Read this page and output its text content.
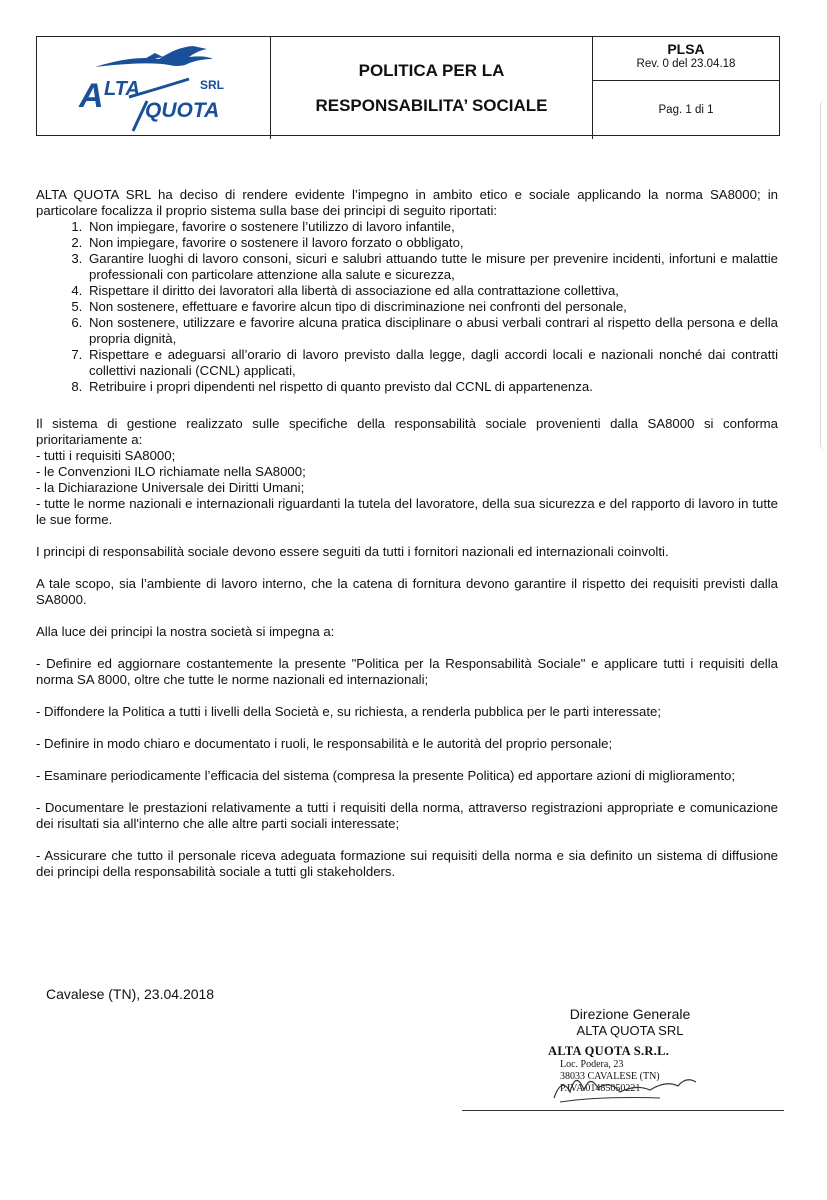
A LTA	SRL
QUOTA
POLITICA PER LA
RESPONSABILITA’ SOCIALE
PLSA
Rev. 0 del 23.04.18
Pag. 1 di 1

ALTA QUOTA SRL ha deciso di rendere evidente l’impegno in ambito etico e sociale applicando la norma SA8000; in particolare focalizza il proprio sistema sulla base dei principi di seguito riportati:

1. Non impiegare, favorire o sostenere l’utilizzo di lavoro infantile,
2. Non impiegare, favorire o sostenere il lavoro forzato o obbligato,
3. Garantire luoghi di lavoro consoni, sicuri e salubri attuando tutte le misure per prevenire incidenti, infortuni e malattie professionali con particolare attenzione alla salute e sicurezza,
4. Rispettare il diritto dei lavoratori alla libertà di associazione ed alla contrattazione collettiva,
5. Non sostenere, effettuare e favorire alcun tipo di discriminazione nei confronti del personale,
6. Non sostenere, utilizzare e favorire alcuna pratica disciplinare o abusi verbali contrari al rispetto della persona e della propria dignità,
7. Rispettare e adeguarsi all’orario di lavoro previsto dalla legge, dagli accordi locali e nazionali nonché dai contratti collettivi nazionali (CCNL) applicati,
8. Retribuire i propri dipendenti nel rispetto di quanto previsto dal CCNL di appartenenza.

Il sistema di gestione realizzato sulle specifiche della responsabilità sociale provenienti dalla SA8000 si conforma prioritariamente a:

- tutti i requisiti SA8000;

- le Convenzioni ILO richiamate nella SA8000;

- la Dichiarazione Universale dei Diritti Umani;

- tutte le norme nazionali e internazionali riguardanti la tutela del lavoratore, della sua sicurezza e del rapporto di lavoro in tutte le sue forme.

I principi di responsabilità sociale devono essere seguiti da tutti i fornitori nazionali ed internazionali coinvolti.

A tale scopo, sia l’ambiente di lavoro interno, che la catena di fornitura devono garantire il rispetto dei requisiti previsti dalla SA8000.

Alla luce dei principi la nostra società si impegna a:

- Definire ed aggiornare costantemente la presente "Politica per la Responsabilità Sociale" e applicare tutti i requisiti della norma SA 8000, oltre che tutte le norme nazionali ed internazionali;

- Diffondere la Politica a tutti i livelli della Società e, su richiesta, a renderla pubblica per le parti interessate;

- Definire in modo chiaro e documentato i ruoli, le responsabilità e le autorità del proprio personale;

- Esaminare periodicamente l’efficacia del sistema (compresa la presente Politica) ed apportare azioni di miglioramento;

- Documentare le prestazioni relativamente a tutti i requisiti della norma, attraverso registrazioni appropriate e comunicazione dei risultati sia all'interno che alle altre parti sociali interessate;

- Assicurare che tutto il personale riceva adeguata formazione sui requisiti della norma e sia definito un sistema di diffusione dei principi della responsabilità sociale a tutti gli stakeholders.

Cavalese (TN), 23.04.2018
Direzione Generale
ALTA QUOTA SRL
ALTA QUOTA S.R.L.
Loc. Podera, 23
38033 CAVALESE (TN)
P.IVA 01485050221
